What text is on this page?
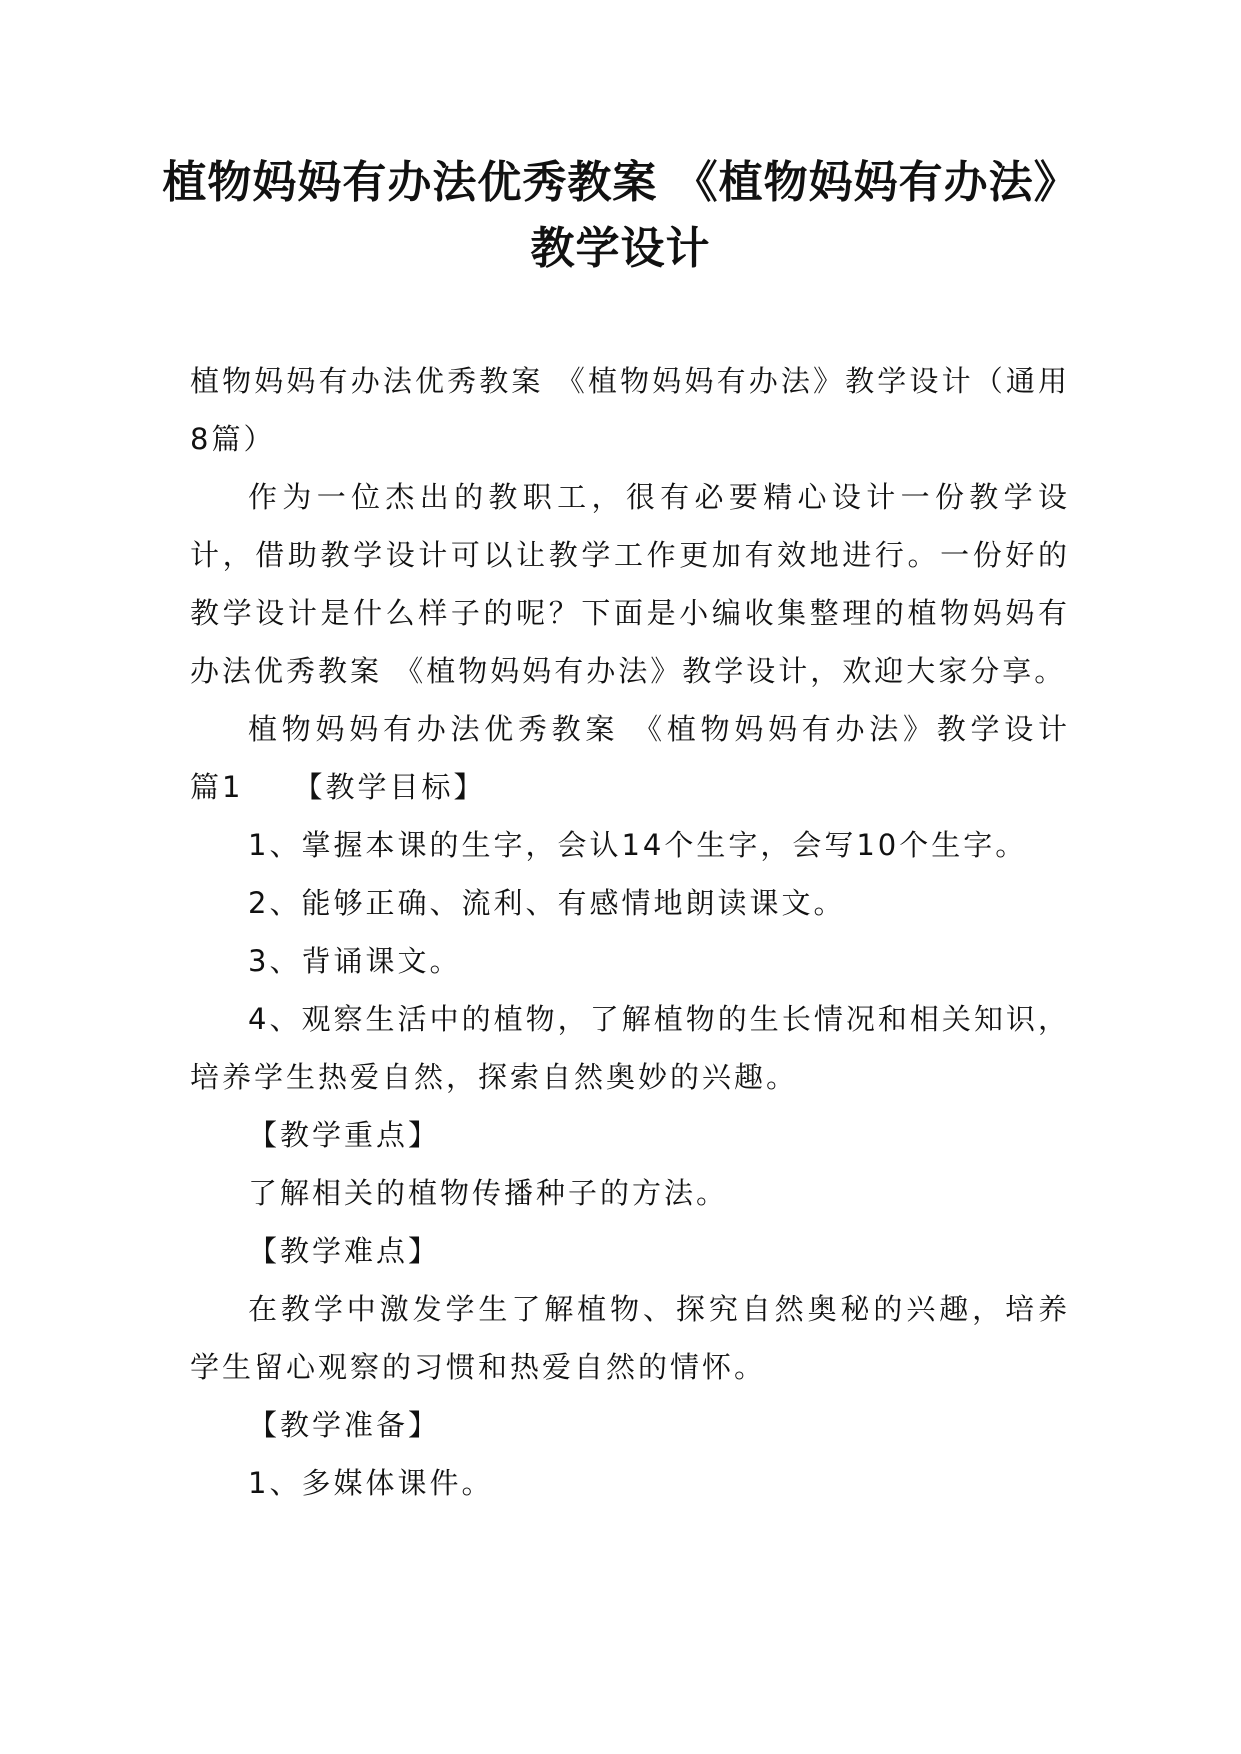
植物妈妈有办法优秀教案 《植物妈妈有办法》教学设计

植物妈妈有办法优秀教案 《植物妈妈有办法》教学设计（通用8篇）

作为一位杰出的教职工，很有必要精心设计一份教学设计，借助教学设计可以让教学工作更加有效地进行。一份好的教学设计是什么样子的呢？下面是小编收集整理的植物妈妈有办法优秀教案 《植物妈妈有办法》教学设计，欢迎大家分享。

植物妈妈有办法优秀教案 《植物妈妈有办法》教学设计 篇1 【教学目标】

1、掌握本课的生字，会认14个生字，会写10个生字。

2、能够正确、流利、有感情地朗读课文。

3、背诵课文。

4、观察生活中的植物，了解植物的生长情况和相关知识，培养学生热爱自然，探索自然奥妙的兴趣。

【教学重点】

了解相关的植物传播种子的方法。

【教学难点】

在教学中激发学生了解植物、探究自然奥秘的兴趣，培养学生留心观察的习惯和热爱自然的情怀。

【教学准备】

1、多媒体课件。
